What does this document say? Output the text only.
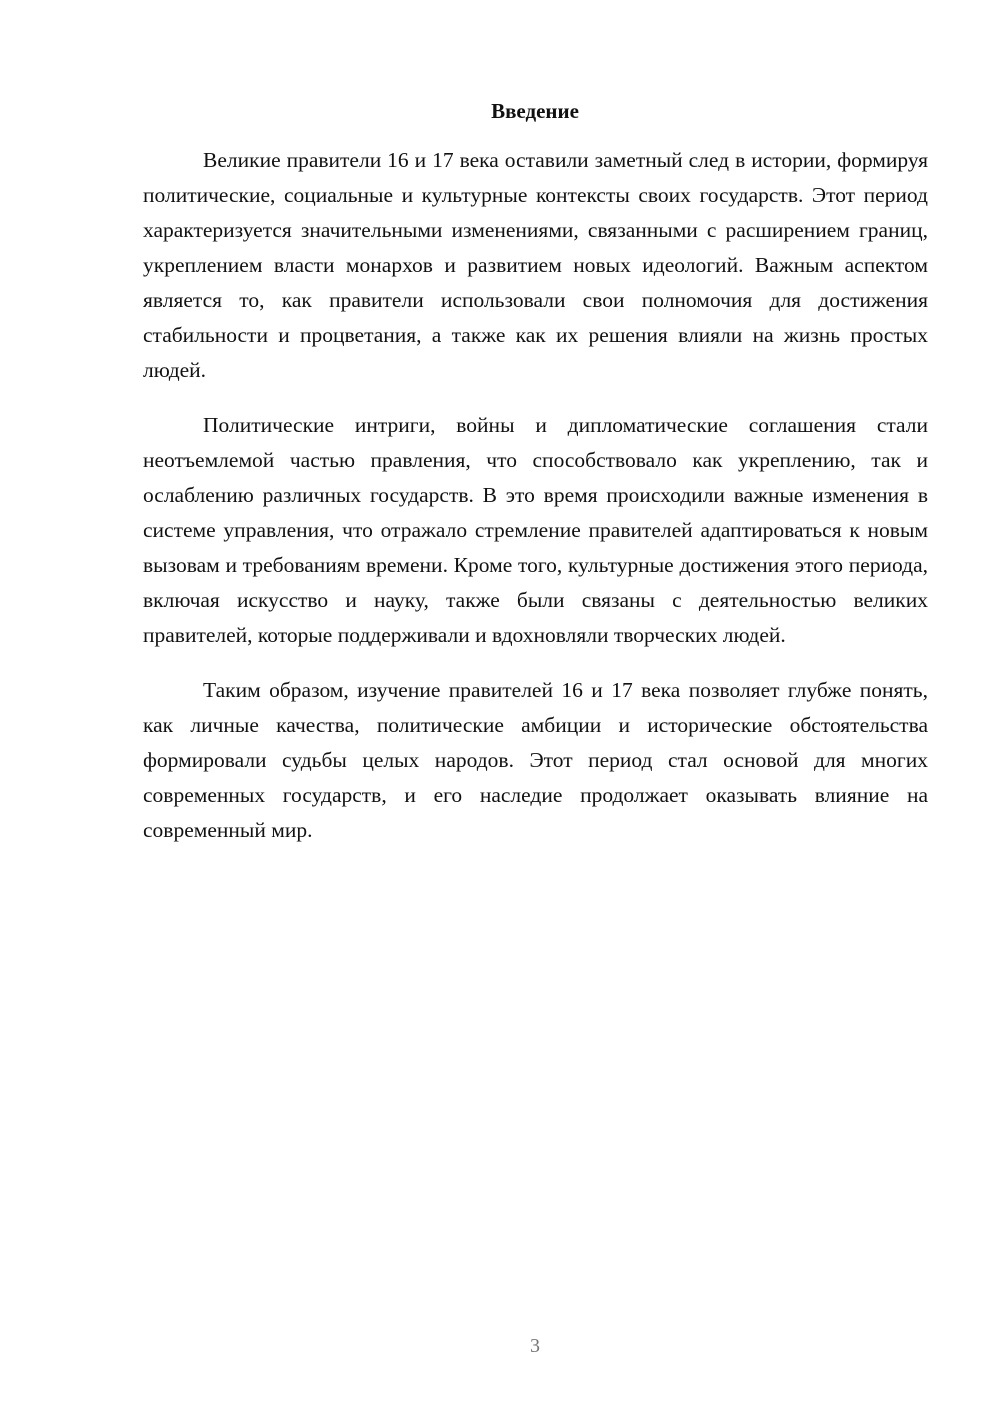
Введение

Великие правители 16 и 17 века оставили заметный след в истории, формируя политические, социальные и культурные контексты своих государств. Этот период характеризуется значительными изменениями, связанными с расширением границ, укреплением власти монархов и развитием новых идеологий. Важным аспектом является то, как правители использовали свои полномочия для достижения стабильности и процветания, а также как их решения влияли на жизнь простых людей.

Политические интриги, войны и дипломатические соглашения стали неотъемлемой частью правления, что способствовало как укреплению, так и ослаблению различных государств. В это время происходили важные изменения в системе управления, что отражало стремление правителей адаптироваться к новым вызовам и требованиям времени. Кроме того, культурные достижения этого периода, включая искусство и науку, также были связаны с деятельностью великих правителей, которые поддерживали и вдохновляли творческих людей.

Таким образом, изучение правителей 16 и 17 века позволяет глубже понять, как личные качества, политические амбиции и исторические обстоятельства формировали судьбы целых народов. Этот период стал основой для многих современных государств, и его наследие продолжает оказывать влияние на современный мир.

3
